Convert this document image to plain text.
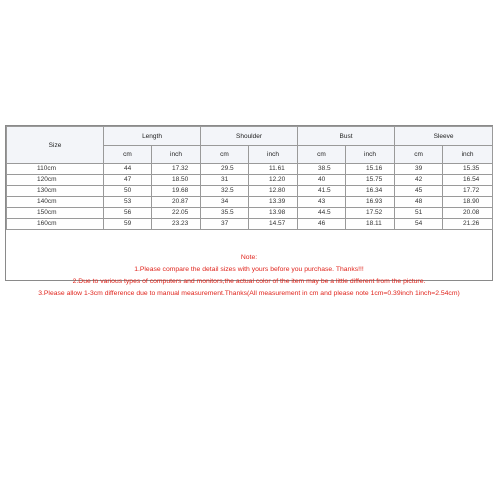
Size	Length		Shoulder		Bust		Sleeve	
	cm	inch	cm	inch	cm	inch	cm	inch
110cm	44	17.32	29.5	11.61	38.5	15.16	39	15.35
120cm	47	18.50	31	12.20	40	15.75	42	16.54
130cm	50	19.68	32.5	12.80	41.5	16.34	45	17.72
140cm	53	20.87	34	13.39	43	16.93	48	18.90
150cm	56	22.05	35.5	13.98	44.5	17.52	51	20.08
160cm	59	23.23	37	14.57	46	18.11	54	21.26
Note:
1.Please compare the detail sizes with yours before you purchase. Thanks!!!
2.Due to various types of computers and monitors,the actual color of the item may be a little different from the picture.
3.Please allow 1-3cm difference due to manual measurement.Thanks(All measurement in cm and please note 1cm=0.39inch 1inch=2.54cm)
